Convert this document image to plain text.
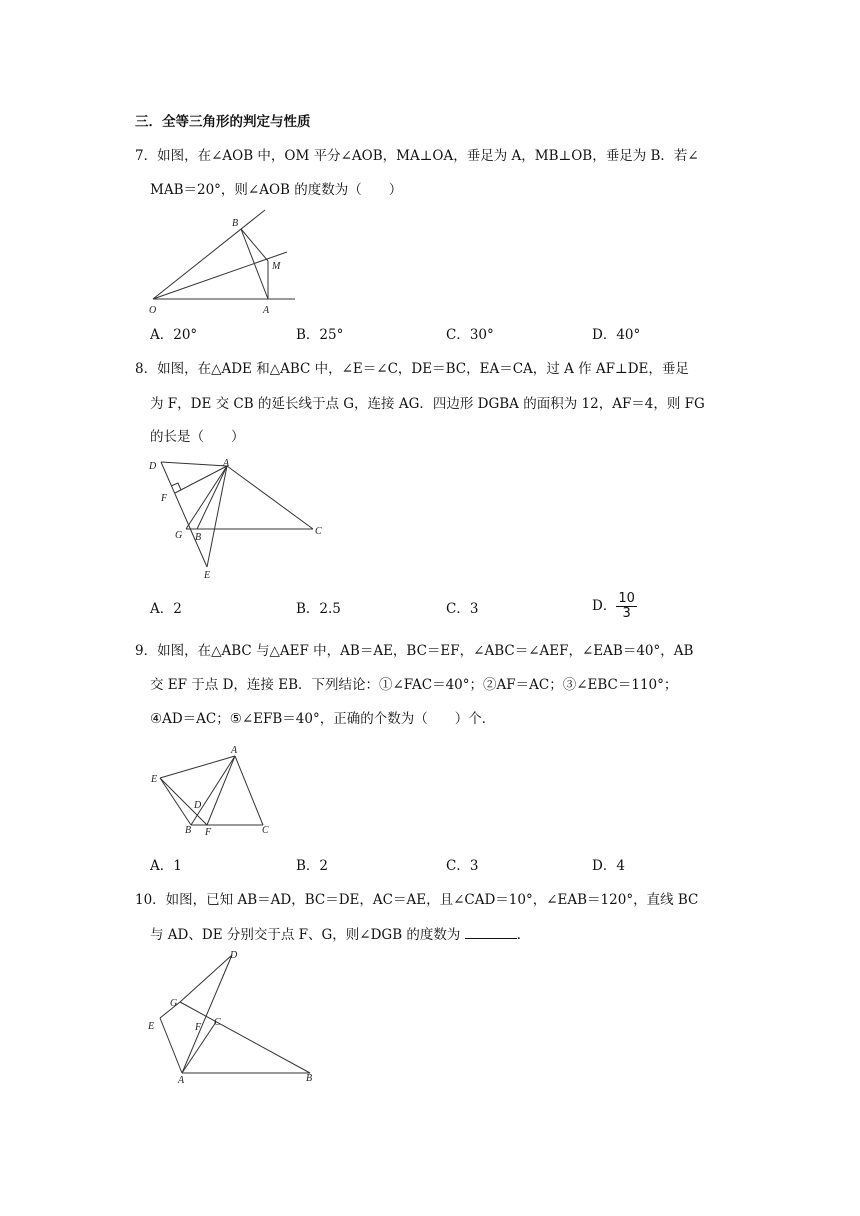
三．全等三角形的判定与性质
7．如图，在∠AOB 中，OM 平分∠AOB，MA⊥OA，垂足为 A，MB⊥OB，垂足为 B．若∠
MAB＝20°，则∠AOB 的度数为（　　）
B
M
O	A
A．20°	B．25°	C．30°	D．40°
8．如图，在△ADE 和△ABC 中，∠E＝∠C，DE＝BC，EA＝CA，过 A 作 AF⊥DE，垂足
为 F，DE 交 CB 的延长线于点 G，连接 AG．四边形 DGBA 的面积为 12，AF＝4，则 FG
的长是（　　）
D	A
F
G B
C
E
A．2	B．2.5	C．3	D． $\frac{10}{3}$
9．如图，在△ABC 与△AEF 中，AB＝AE，BC＝EF，∠ABC＝∠AEF，∠EAB＝40°，AB
交 EF 于点 D，连接 EB．下列结论：①∠FAC＝40°；②AF＝AC；③∠EBC＝110°；
④AD＝AC；⑤∠EFB＝40°，正确的个数为（　　）个．
A
E
D
B F	C
A．1	B．2	C．3	D．4
10．如图，已知 AB＝AD，BC＝DE，AC＝AE，且∠CAD＝10°，∠EAB＝120°，直线 BC
与 AD、DE 分别交于点 F、G，则∠DGB 的度数为	．
D
G
E	F C
A	B
